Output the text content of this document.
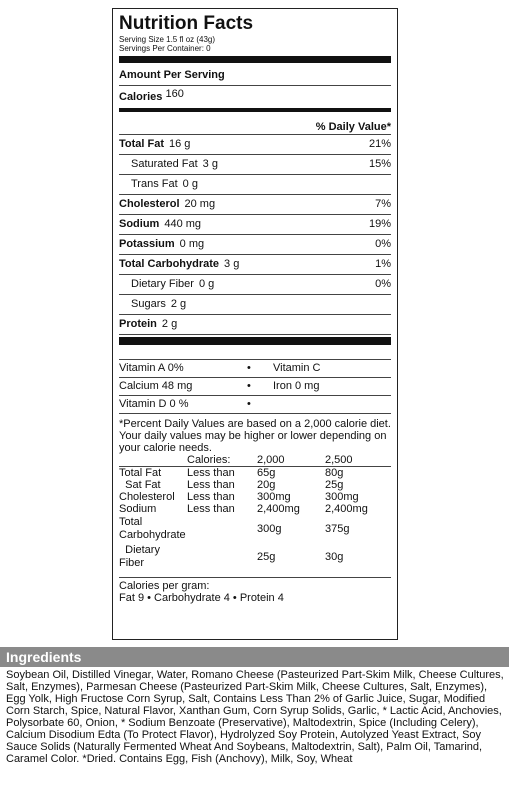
Nutrition Facts
Serving Size 1.5 fl oz (43g)
Servings Per Container: 0
Amount Per Serving
Calories 160
% Daily Value*
Total Fat 16 g	21%
Saturated Fat 3 g	15%
Trans Fat 0 g
Cholesterol 20 mg	7%
Sodium 440 mg	19%
Potassium 0 mg	0%
Total Carbohydrate 3 g	1%
Dietary Fiber 0 g	0%
Sugars 2 g
Protein 2 g
Vitamin A 0%	•	Vitamin C
Calcium 48 mg	•	Iron 0 mg
Vitamin D 0 %	•
*Percent Daily Values are based on a 2,000 calorie diet. Your daily values may be higher or lower depending on your calorie needs.
	Calories:	2,000	2,500
Total Fat	Less than	65g	80g
Sat Fat	Less than	20g	25g
Cholesterol	Less than	300mg	300mg
Sodium	Less than	2,400mg	2,400mg
Total Carbohydrate		300g	375g
Dietary Fiber		25g	30g
Calories per gram:
Fat 9 • Carbohydrate 4 • Protein 4
Ingredients
Soybean Oil, Distilled Vinegar, Water, Romano Cheese (Pasteurized Part-Skim Milk, Cheese Cultures, Salt, Enzymes), Parmesan Cheese (Pasteurized Part-Skim Milk, Cheese Cultures, Salt, Enzymes), Egg Yolk, High Fructose Corn Syrup, Salt, Contains Less Than 2% of Garlic Juice, Sugar, Modified Corn Starch, Spice, Natural Flavor, Xanthan Gum, Corn Syrup Solids, Garlic, * Lactic Acid, Anchovies, Polysorbate 60, Onion, * Sodium Benzoate (Preservative), Maltodextrin, Spice (Including Celery), Calcium Disodium Edta (To Protect Flavor), Hydrolyzed Soy Protein, Autolyzed Yeast Extract, Soy Sauce Solids (Naturally Fermented Wheat And Soybeans, Maltodextrin, Salt), Palm Oil, Tamarind, Caramel Color. *Dried. Contains Egg, Fish (Anchovy), Milk, Soy, Wheat
